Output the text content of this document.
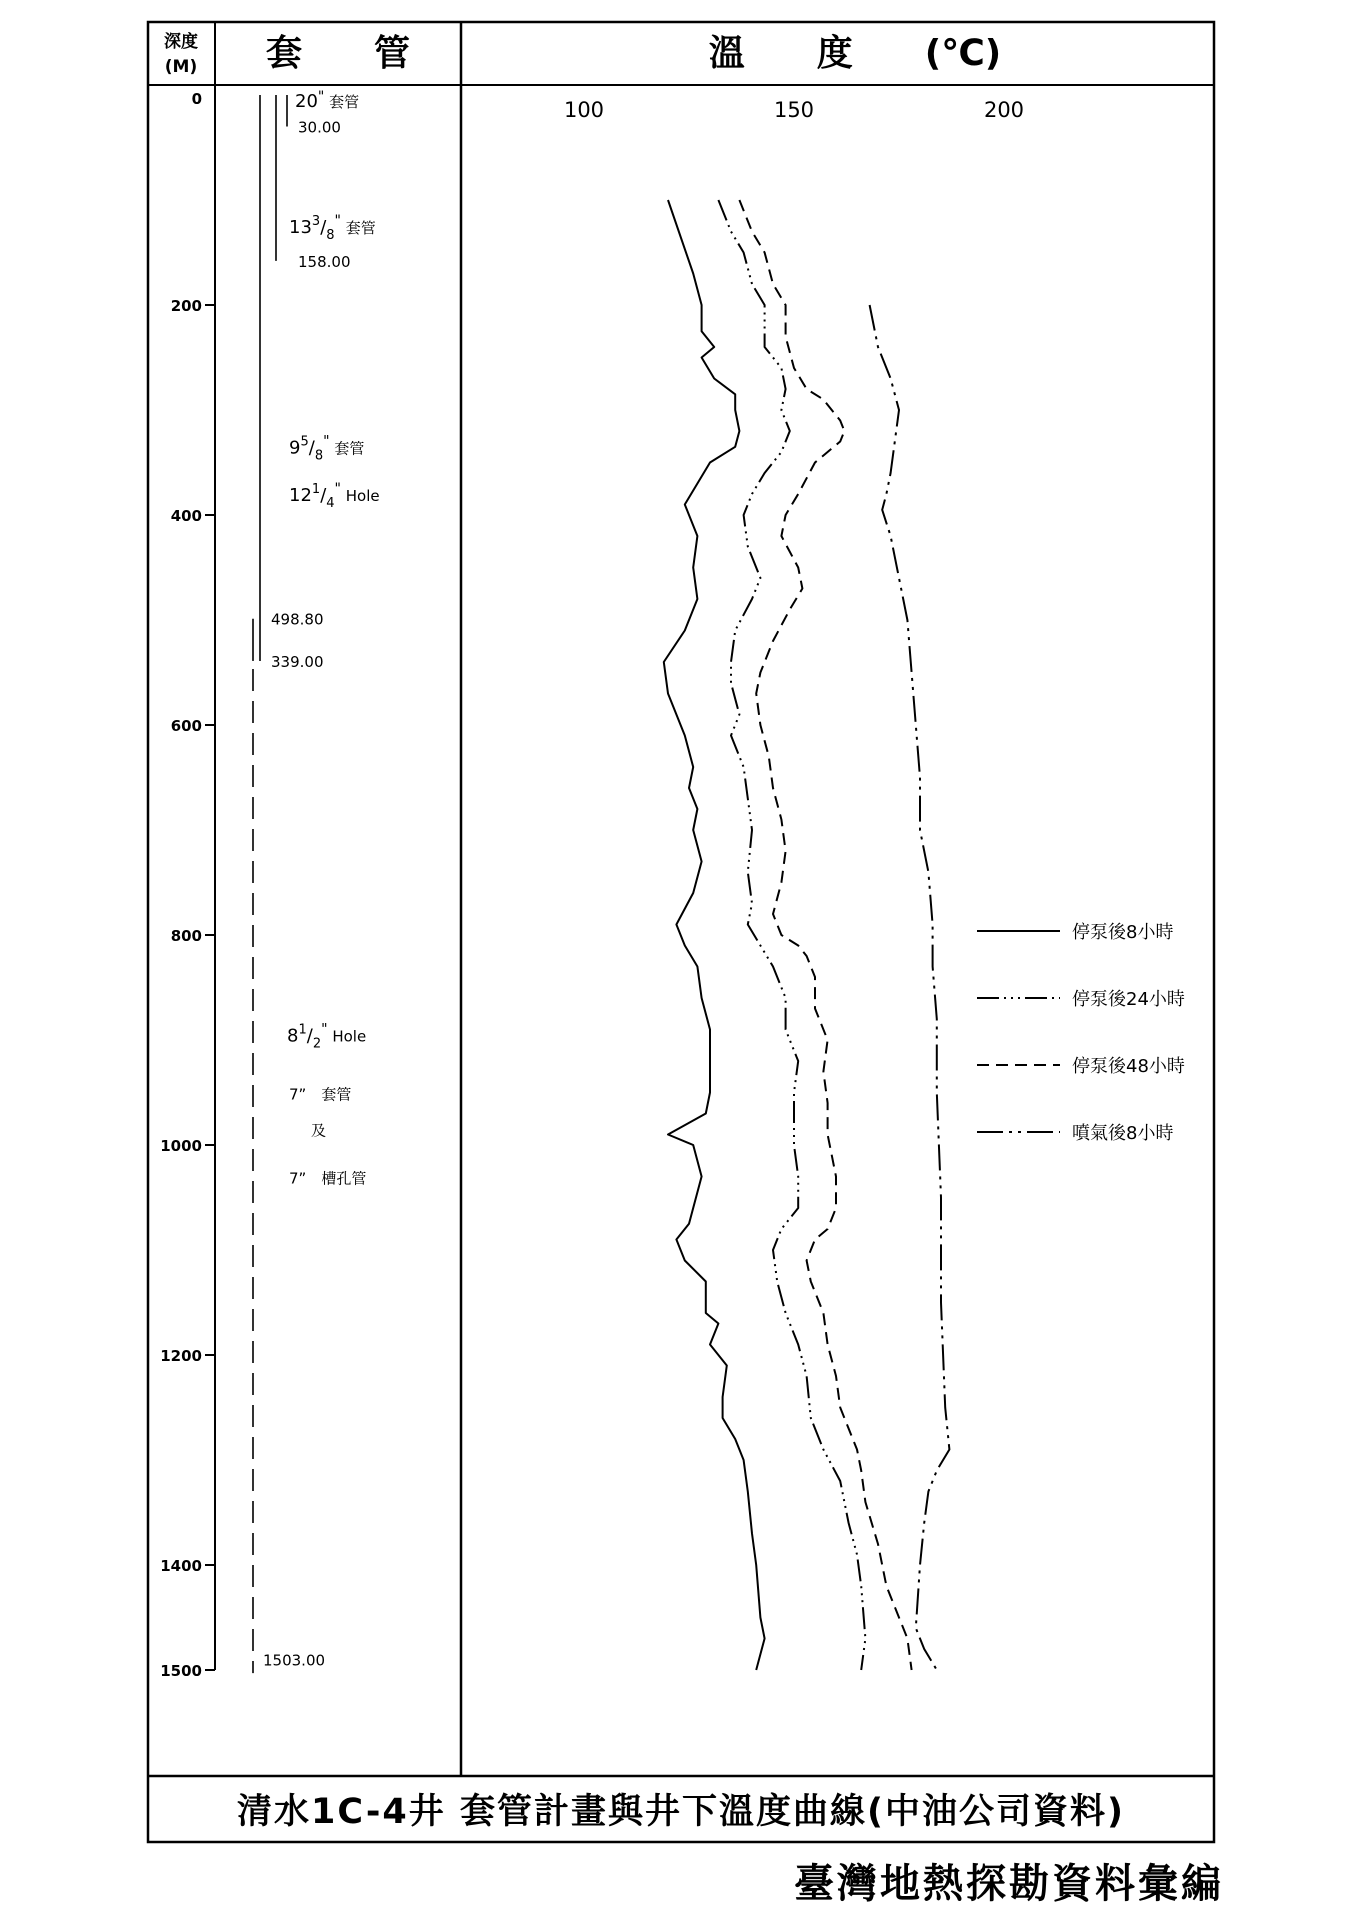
深度
(M) 套　　管	溫　　度　　(℃)
0
200
400
600
800
1000
1200
1400
1500
20" $_{套管}$
30.00
$13^3/_8^"$ $_{套管}$
158.00
$9^5/_8^"$ $_{套管}$
$12^1/_4^"$ $_{Hole}$
498.80
339.00
$8^1/_2^"$ $_{Hole}$
7”　套管
及
7”　槽孔管
1503.00
100	150	200
停泵後8小時
停泵後24小時
停泵後48小時
噴氣後8小時
清水1C-4井 套管計畫與井下溫度曲線(中油公司資料)
臺灣地熱探勘資料彙編
